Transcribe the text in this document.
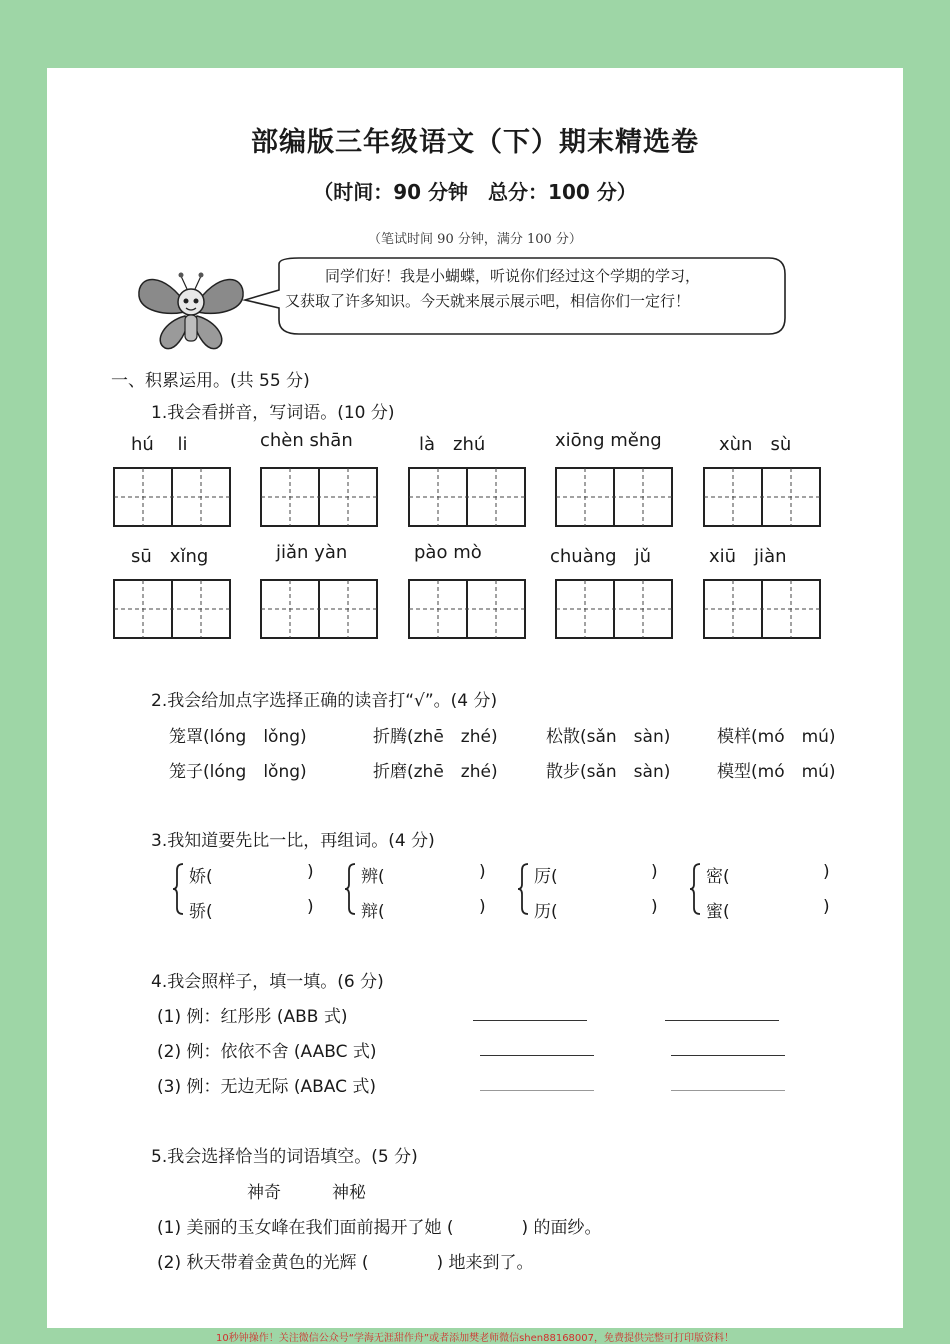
部编版三年级语文（下）期末精选卷
（时间：90 分钟　总分：100 分）
（笔试时间 90 分钟，满分 100 分）
同学们好！我是小蝴蝶，听说你们经过这个学期的学习，
又获取了许多知识。今天就来展示展示吧，相信你们一定行！
一、积累运用。(共 55 分)
1.我会看拼音，写词语。(10 分)
hú　 li	chèn shān	là　zhú	xiōng měng	xùn　sù
sū　xǐng	jiǎn yàn	pào mò	chuàng　jǔ	xiū　jiàn
2.我会给加点字选择正确的读音打“√”。(4 分)
笼罩(lóng　lǒng)	折腾(zhē　zhé)	松散(sǎn　sàn)	模样(mó　mú)
笼子(lóng　lǒng)	折磨(zhē　zhé)	散步(sǎn　sàn)	模型(mó　mú)
3.我知道要先比一比，再组词。(4 分)
娇(	)
骄(	)
辨(	)
辩(	)
厉(	)
历(	)
密(	)
蜜(	)
4.我会照样子，填一填。(6 分)
(1) 例：红彤彤 (ABB 式)
(2) 例：依依不舍 (AABC 式)
(3) 例：无边无际 (ABAC 式)
5.我会选择恰当的词语填空。(5 分)
神奇　　　神秘
(1) 美丽的玉女峰在我们面前揭开了她 (　　　　) 的面纱。
(2) 秋天带着金黄色的光辉 (　　　　) 地来到了。
10秒钟操作！关注微信公众号“学海无涯甜作舟”或者添加樊老师微信shen88168007，免费提供完整可打印版资料！
